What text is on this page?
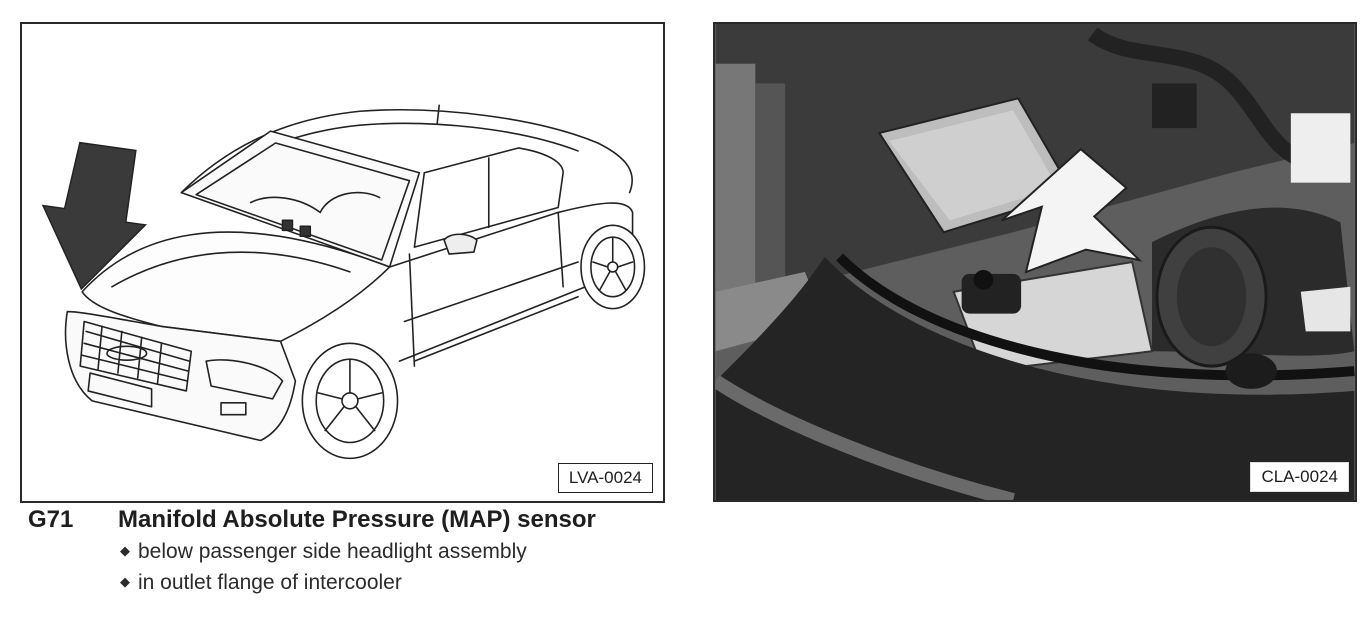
LVA-0024	CLA-0024
G71 Manifold Absolute Pressure (MAP) sensor
◆ below passenger side headlight assembly
◆ in outlet flange of intercooler
